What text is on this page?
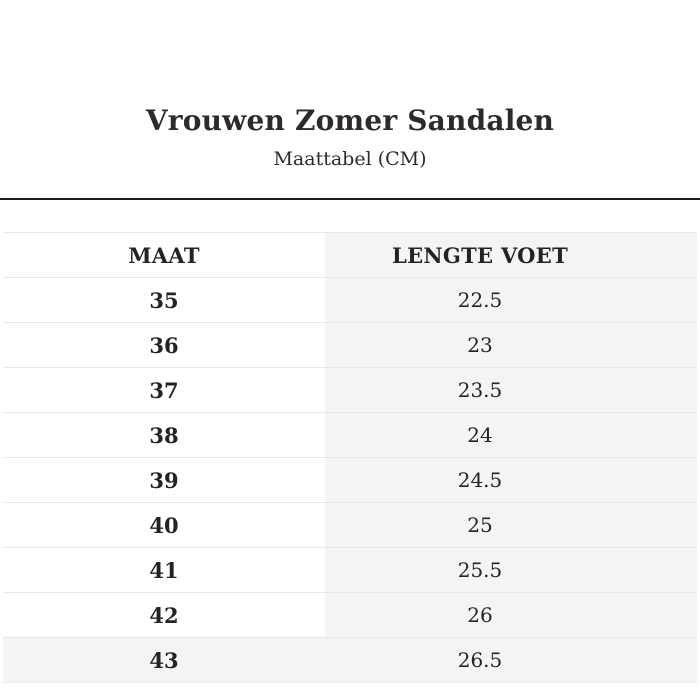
Vrouwen Zomer Sandalen
Maattabel (CM)
MAAT	LENGTE VOET
35	22.5
36	23
37	23.5
38	24
39	24.5
40	25
41	25.5
42	26
43	26.5
